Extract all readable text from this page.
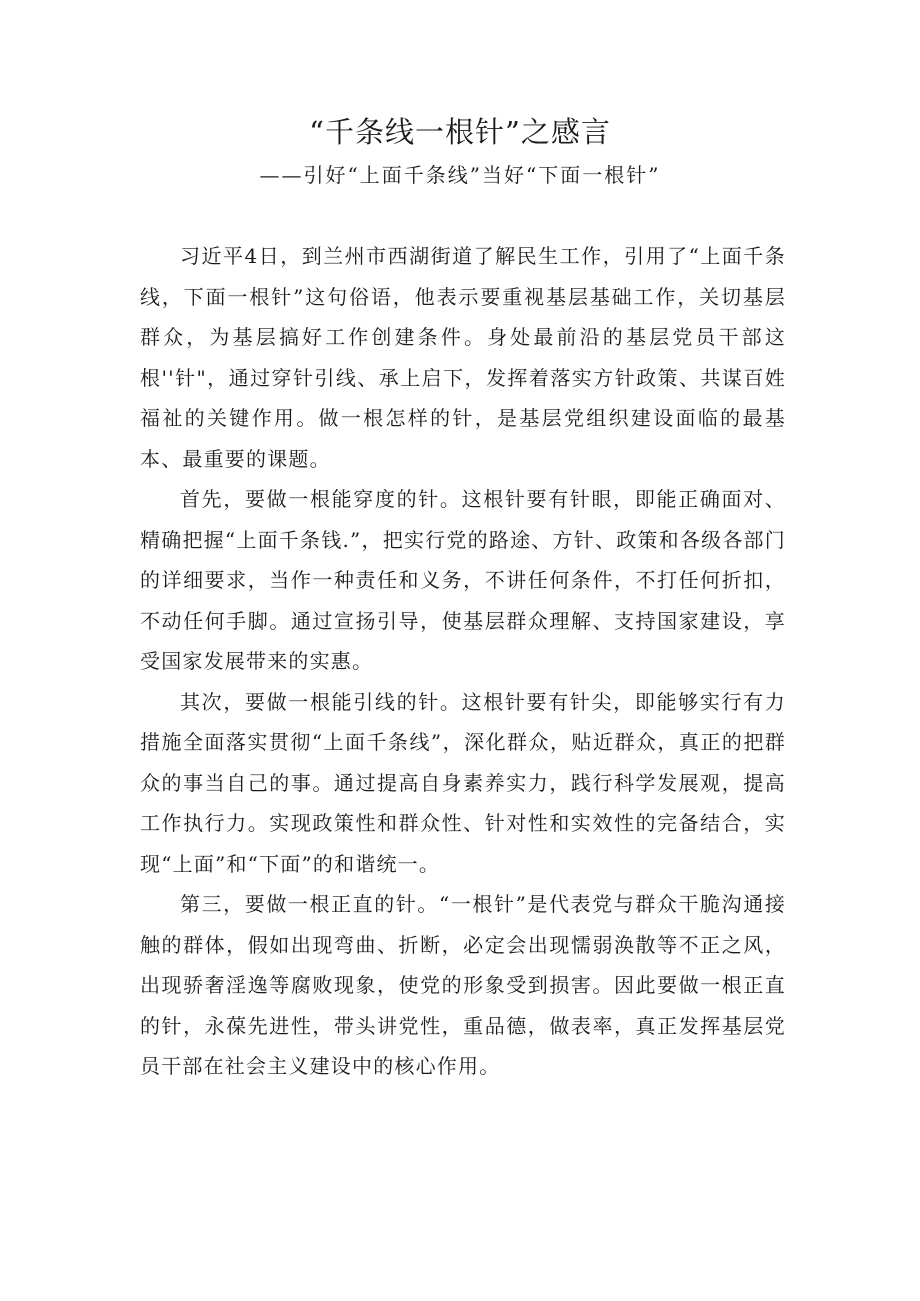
“千条线一根针”之感言
——引好“上面千条线”当好“下面一根针”

习近平4日，到兰州市西湖街道了解民生工作，引用了“上面千条线，下面一根针”这句俗语，他表示要重视基层基础工作，关切基层群众，为基层搞好工作创建条件。身处最前沿的基层党员干部这根''针"，通过穿针引线、承上启下，发挥着落实方针政策、共谋百姓福祉的关键作用。做一根怎样的针，是基层党组织建设面临的最基本、最重要的课题。

首先，要做一根能穿度的针。这根针要有针眼，即能正确面对、精确把握“上面千条钱.”，把实行党的路途、方针、政策和各级各部门的详细要求，当作一种责任和义务，不讲任何条件，不打任何折扣，不动任何手脚。通过宣扬引导，使基层群众理解、支持国家建设，享受国家发展带来的实惠。

其次，要做一根能引线的针。这根针要有针尖，即能够实行有力措施全面落实贯彻“上面千条线”，深化群众，贴近群众，真正的把群众的事当自己的事。通过提高自身素养实力，践行科学发展观，提高工作执行力。实现政策性和群众性、针对性和实效性的完备结合，实现“上面”和“下面”的和谐统一。

第三，要做一根正直的针。“一根针”是代表党与群众干脆沟通接触的群体，假如出现弯曲、折断，必定会出现懦弱涣散等不正之风，出现骄奢淫逸等腐败现象，使党的形象受到损害。因此要做一根正直的针，永葆先进性，带头讲党性，重品德，做表率，真正发挥基层党员干部在社会主义建设中的核心作用。
